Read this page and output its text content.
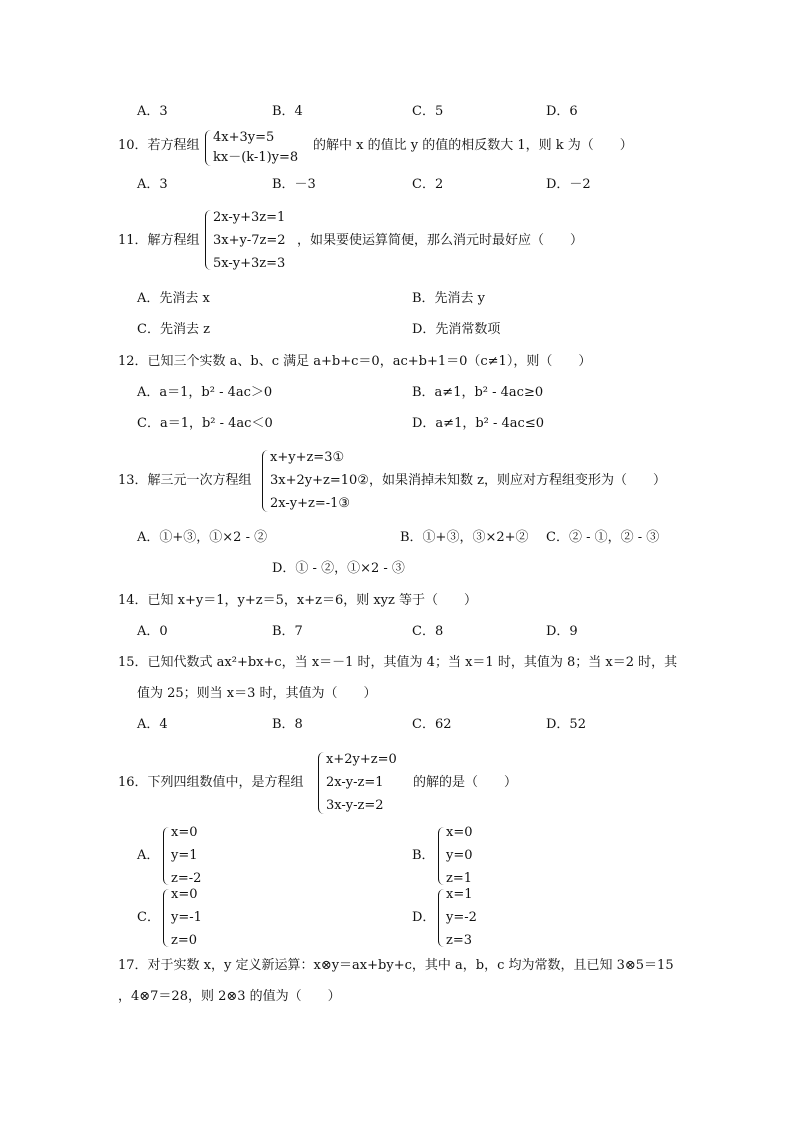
A．3	B．4	C．5	D．6
10．若方程组
4x+3y=5
kx－(k-1)y=8
的解中 x 的值比 y 的值的相反数大 1，则 k 为（　　）
A．3	B．－3	C．2	D．－2
11．解方程组
2x-y+3z=1
3x+y-7z=2
5x-y+3z=3
，如果要使运算简便，那么消元时最好应（　　）
A．先消去 x	B．先消去 y
C．先消去 z	D．先消常数项
12．已知三个实数 a、b、c 满足 a+b+c＝0，ac+b+1＝0（c≠1），则（　　）
A．a＝1，b² - 4ac＞0	B．a≠1，b² - 4ac≥0
C．a＝1，b² - 4ac＜0	D．a≠1，b² - 4ac≤0
13．解三元一次方程组
x+y+z=3①
3x+2y+z=10②
2x-y+z=-1③
，如果消掉未知数 z，则应对方程组变形为（　　）
A．①+③，①×2 - ②	B．①+③，③×2+② C．② - ①，② - ③
D．① - ②，①×2 - ③
14．已知 x+y＝1，y+z＝5，x+z＝6，则 xyz 等于（　　）
A．0	B．7	C．8	D．9
15．已知代数式 ax²+bx+c，当 x＝－1 时，其值为 4；当 x＝1 时，其值为 8；当 x＝2 时，其
值为 25；则当 x＝3 时，其值为（　　）
A．4	B．8	C．62	D．52
16．下列四组数值中，是方程组
x+2y+z=0
2x-y-z=1
3x-y-z=2
的解的是（　　）
A．
x=0
y=1
z=-2
B．
x=0
y=0
z=1
C．
x=0
y=-1
z=0
D．
x=1
y=-2
z=3
17．对于实数 x，y 定义新运算：x⊗y＝ax+by+c，其中 a，b，c 均为常数，且已知 3⊗5＝15
，4⊗7＝28，则 2⊗3 的值为（　　）
